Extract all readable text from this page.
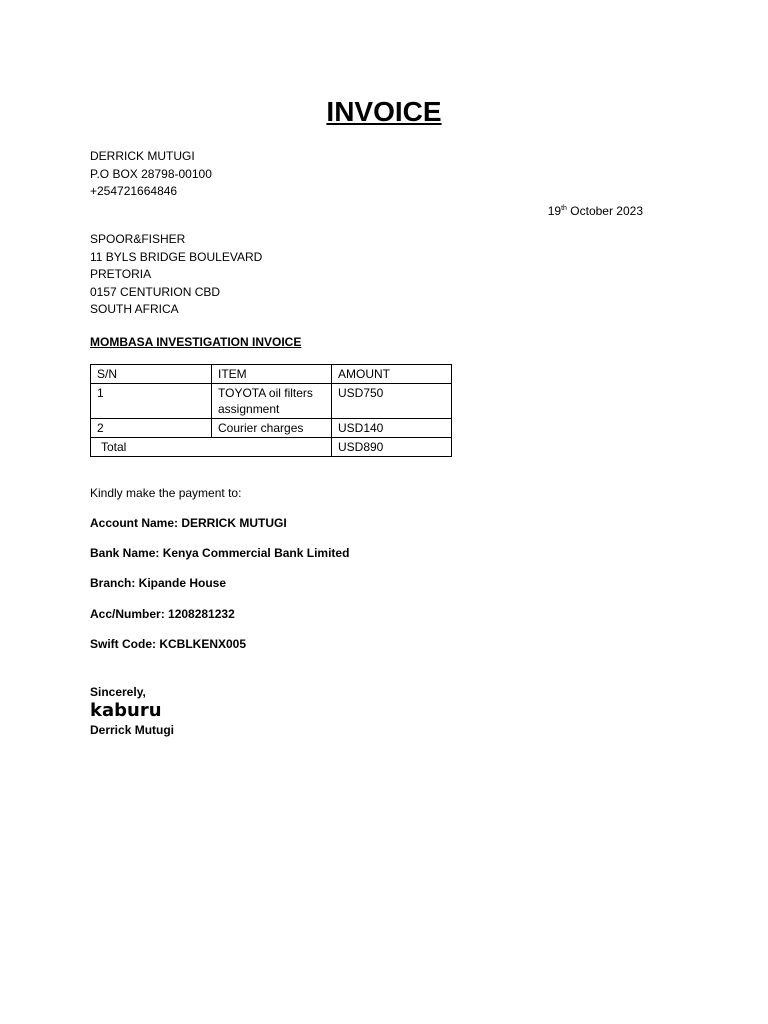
INVOICE
DERRICK MUTUGI
P.O BOX 28798-00100
+254721664846
19th October 2023
SPOOR&FISHER
11 BYLS BRIDGE BOULEVARD
PRETORIA
0157 CENTURION CBD
SOUTH AFRICA
MOMBASA INVESTIGATION INVOICE
S/N	ITEM	AMOUNT
1	TOYOTA oil filters assignment	USD750
2	Courier charges	USD140
Total		USD890
Kindly make the payment to:
Account Name: DERRICK MUTUGI
Bank Name: Kenya Commercial Bank Limited
Branch: Kipande House
Acc/Number: 1208281232
Swift Code: KCBLKENX005
Sincerely,
kaburu
Derrick Mutugi
